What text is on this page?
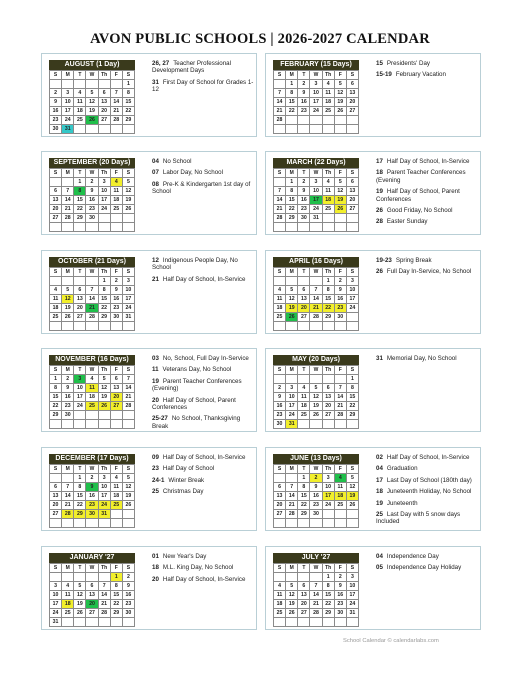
AVON PUBLIC SCHOOLS | 2026-2027 CALENDAR
AUGUST (1 Day)
S	M	T	W	Th	F	S
						1
2	3	4	5	6	7	8
9	10	11	12	13	14	15
16	17	18	19	20	21	22
23	24	25	26	27	28	29
30	31					
26, 27 Teacher Professional Development Days
31 First Day of School for Grades 1-12
FEBRUARY (15 Days)
S	M	T	W	Th	F	S
	1	2	3	4	5	6
7	8	9	10	11	12	13
14	15	16	17	18	19	20
21	22	23	24	25	26	27
28						

15 Presidents' Day
15-19 February Vacation
SEPTEMBER (20 Days)
S	M	T	W	Th	F	S
		1	2	3	4	5
6	7	8	9	10	11	12
13	14	15	16	17	18	19
20	21	22	23	24	25	26
27	28	29	30			

04 No School
07 Labor Day, No School
08 Pre-K & Kindergarten 1st day of School
MARCH (22 Days)
S	M	T	W	Th	F	S
	1	2	3	4	5	6
7	8	9	10	11	12	13
14	15	16	17	18	19	20
21	22	23	24	25	26	27
28	29	30	31			

17 Half Day of School, In-Service
18 Parent Teacher Conferences (Evening
19 Half Day of School, Parent Conferences
26 Good Friday, No School
28 Easter Sunday
OCTOBER (21 Days)
S	M	T	W	Th	F	S
				1	2	3
4	5	6	7	8	9	10
11	12	13	14	15	16	17
18	19	20	21	22	23	24
25	26	27	28	29	30	31

12 Indigenous People Day, No School
21 Half Day of School, In-Service
APRIL (16 Days)
S	M	T	W	Th	F	S
				1	2	3
4	5	6	7	8	9	10
11	12	13	14	15	16	17
18	19	20	21	22	23	24
25	26	27	28	29	30	

19-23 Spring Break
26 Full Day In-Service, No School
NOVEMBER (16 Days)
S	M	T	W	Th	F	S
1	2	3	4	5	6	7
8	9	10	11	12	13	14
15	16	17	18	19	20	21
22	23	24	25	26	27	28
29	30					

03 No, School, Full Day In-Service
11 Veterans Day, No School
19 Parent Teacher Conferences (Evening)
20 Half Day of School, Parent Conferences
25-27 No School, Thanksgiving Break
MAY (20 Days)
S	M	T	W	Th	F	S
						1
2	3	4	5	6	7	8
9	10	11	12	13	14	15
16	17	18	19	20	21	22
23	24	25	26	27	28	29
30	31					
31 Memorial Day, No School
DECEMBER (17 Days)
S	M	T	W	Th	F	S
		1	2	3	4	5
6	7	8	9	10	11	12
13	14	15	16	17	18	19
20	21	22	23	24	25	26
27	28	29	30	31		

09 Half Day of School, In-Service
23 Half Day of School
24-1 Winter Break
25 Christmas Day
JUNE (13 Days)
S	M	T	W	Th	F	S
		1	2	3	4	5
6	7	8	9	10	11	12
13	14	15	16	17	18	19
20	21	22	23	24	25	26
27	28	29	30			

02 Half Day of School, In-Service
04 Graduation
17 Last Day of School (180th day)
18 Juneteenth Holiday, No School
19 Juneteenth
25 Last Day with 5 snow days Included
JANUARY '27
S	M	T	W	Th	F	S
					1	2
3	4	5	6	7	8	9
10	11	12	13	14	15	16
17	18	19	20	21	22	23
24	25	26	27	28	29	30
31						
01 New Year's Day
18 M.L. King Day, No School
20 Half Day of School, In-Service
JULY '27
S	M	T	W	Th	F	S
				1	2	3
4	5	6	7	8	9	10
11	12	13	14	15	16	17
18	19	20	21	22	23	24
25	26	27	28	29	30	31

04 Independence Day
05 Independence Day Holiday
School Calendar © calendarlabs.com
